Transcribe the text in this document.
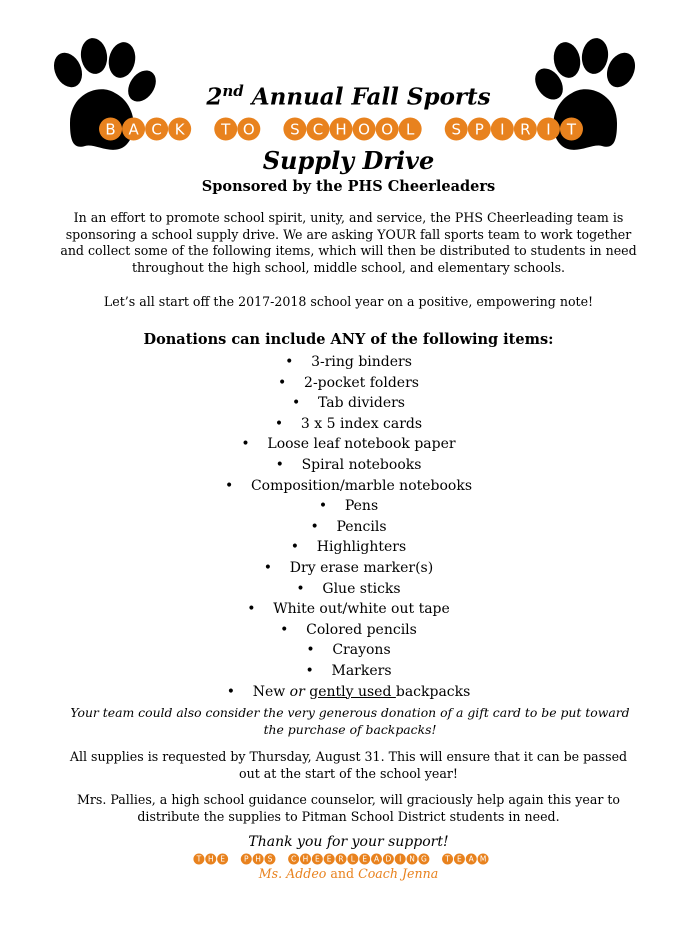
2nd Annual Fall Sports
B A C K T O S C H O O L S P I R I T
Supply Drive
Sponsored by the PHS Cheerleaders
In an effort to promote school spirit, unity, and service, the PHS Cheerleading team is sponsoring a school supply drive. We are asking YOUR fall sports team to work together and collect some of the following items, which will then be distributed to students in need throughout the high school, middle school, and elementary schools.
Let’s all start off the 2017-2018 school year on a positive, empowering note!
Donations can include ANY of the following items:
• 3-ring binders
• 2-pocket folders
• Tab dividers
• 3 x 5 index cards
• Loose leaf notebook paper
• Spiral notebooks
• Composition/marble notebooks
• Pens
• Pencils
• Highlighters
• Dry erase marker(s)
• Glue sticks
• White out/white out tape
• Colored pencils
• Crayons
• Markers
• New or gently used backpacks
Your team could also consider the very generous donation of a gift card to be put toward the purchase of backpacks!
All supplies is requested by Thursday, August 31. This will ensure that it can be passed out at the start of the school year!
Mrs. Pallies, a high school guidance counselor, will graciously help again this year to distribute the supplies to Pitman School District students in need.
Thank you for your support!
T H E	P H S C H E E R L E A D I N G T E A M
Ms. Addeo and Coach Jenna
